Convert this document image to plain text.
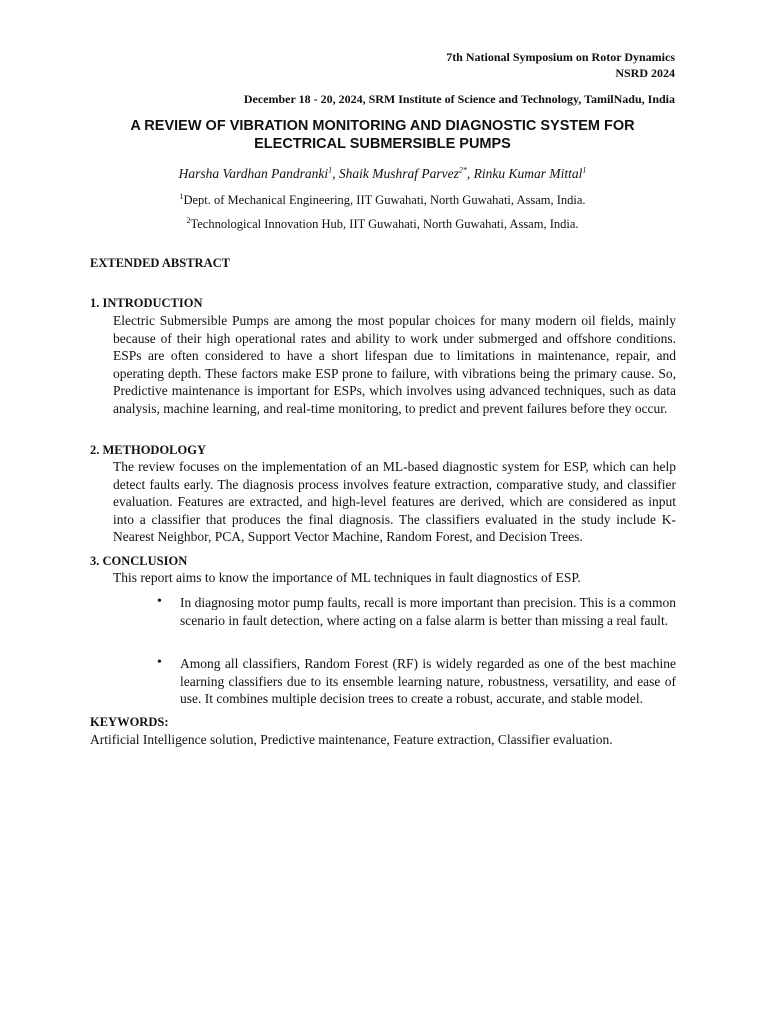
7th National Symposium on Rotor Dynamics
NSRD 2024
December 18 - 20, 2024, SRM Institute of Science and Technology, TamilNadu, India
A REVIEW OF VIBRATION MONITORING AND DIAGNOSTIC SYSTEM FOR
ELECTRICAL SUBMERSIBLE PUMPS
Harsha Vardhan Pandranki$^1$, Shaik Mushraf Parvez$^{2*}$, Rinku Kumar Mittal$^1$
$^1$Dept. of Mechanical Engineering, IIT Guwahati, North Guwahati, Assam, India.
$^2$Technological Innovation Hub, IIT Guwahati, North Guwahati, Assam, India.
EXTENDED ABSTRACT
1. INTRODUCTION

Electric Submersible Pumps are among the most popular choices for many modern oil fields, mainly because of their high operational rates and ability to work under submerged and offshore conditions. ESPs are often considered to have a short lifespan due to limitations in maintenance, repair, and operating depth. These factors make ESP prone to failure, with vibrations being the primary cause. So, Predictive maintenance is important for ESPs, which involves using advanced techniques, such as data analysis, machine learning, and real-time monitoring, to predict and prevent failures before they occur.

2. METHODOLOGY

The review focuses on the implementation of an ML-based diagnostic system for ESP, which can help detect faults early. The diagnosis process involves feature extraction, comparative study, and classifier evaluation. Features are extracted, and high-level features are derived, which are considered as input into a classifier that produces the final diagnosis. The classifiers evaluated in the study include K-Nearest Neighbor, PCA, Support Vector Machine, Random Forest, and Decision Trees.

3. CONCLUSION

This report aims to know the importance of ML techniques in fault diagnostics of ESP.

• In diagnosing motor pump faults, recall is more important than precision. This is a common scenario in fault detection, where acting on a false alarm is better than missing a real fault.
• Among all classifiers, Random Forest (RF) is widely regarded as one of the best machine learning classifiers due to its ensemble learning nature, robustness, versatility, and ease of use. It combines multiple decision trees to create a robust, accurate, and stable model.
KEYWORDS:
Artificial Intelligence solution, Predictive maintenance, Feature extraction, Classifier evaluation.
